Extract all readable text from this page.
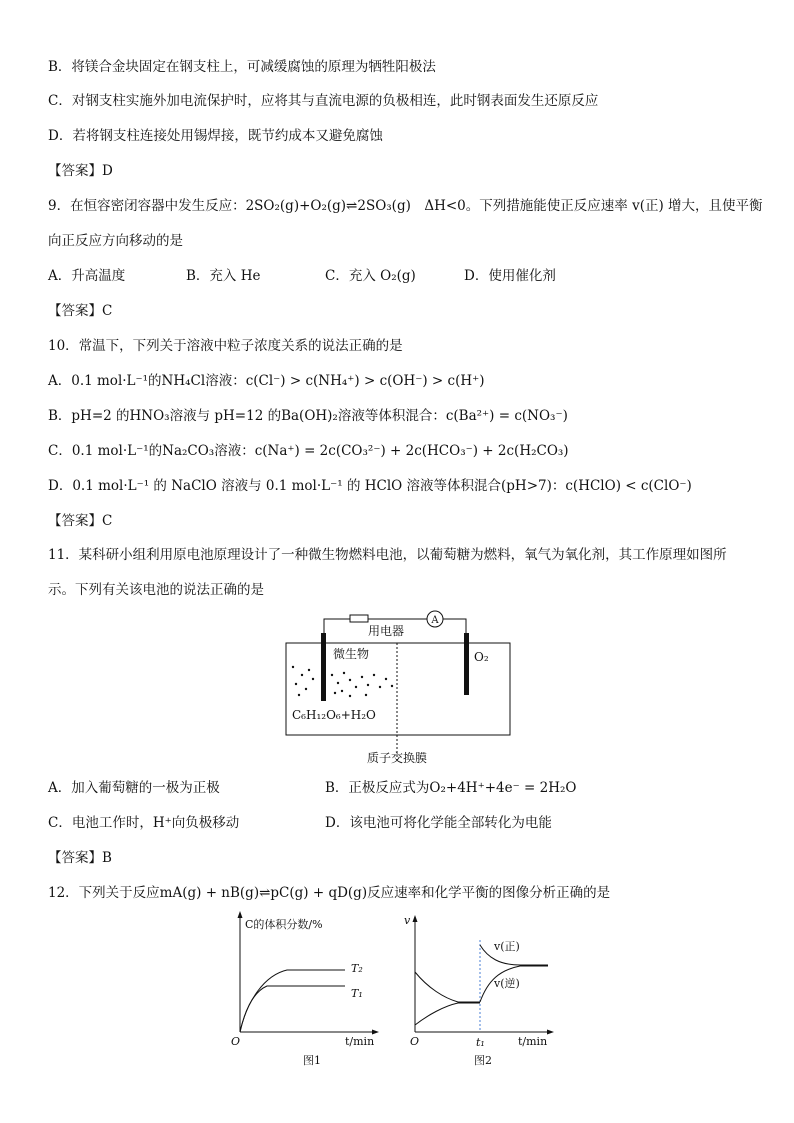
B．将镁合金块固定在钢支柱上，可减缓腐蚀的原理为牺牲阳极法
C．对钢支柱实施外加电流保护时，应将其与直流电源的负极相连，此时钢表面发生还原反应
D．若将钢支柱连接处用锡焊接，既节约成本又避免腐蚀
【答案】D
9．在恒容密闭容器中发生反应：2SO₂(g)+O₂(g)⇌2SO₃(g)　ΔH<0。下列措施能使正反应速率 v(正) 增大，且使平衡
向正反应方向移动的是
A．升高温度	B．充入 He	C．充入 O₂(g)	D．使用催化剂
【答案】C
10．常温下，下列关于溶液中粒子浓度关系的说法正确的是
A．0.1 mol·L⁻¹的NH₄Cl溶液：c(Cl⁻) > c(NH₄⁺) > c(OH⁻) > c(H⁺)
B．pH=2 的HNO₃溶液与 pH=12 的Ba(OH)₂溶液等体积混合：c(Ba²⁺) = c(NO₃⁻)
C．0.1 mol·L⁻¹的Na₂CO₃溶液：c(Na⁺) = 2c(CO₃²⁻) + 2c(HCO₃⁻) + 2c(H₂CO₃)
D．0.1 mol·L⁻¹ 的 NaClO 溶液与 0.1 mol·L⁻¹ 的 HClO 溶液等体积混合(pH>7)：c(HClO) < c(ClO⁻)
【答案】C
11．某科研小组利用原电池原理设计了一种微生物燃料电池，以葡萄糖为燃料，氧气为氧化剂，其工作原理如图所
示。下列有关该电池的说法正确的是
A
用电器
微生物	O₂
C₆H₁₂O₆+H₂O
质子交换膜
A．加入葡萄糖的一极为正极	B．正极反应式为O₂+4H⁺+4e⁻ = 2H₂O
C．电池工作时，H⁺向负极移动	D．该电池可将化学能全部转化为电能
【答案】B
12．下列关于反应mA(g) + nB(g)⇌pC(g) + qD(g)反应速率和化学平衡的图像分析正确的是
C的体积分数/%
O	t/min
T₂
T₁
图1
v
O	t/min
v(正)
v(逆)
t₁
图2
